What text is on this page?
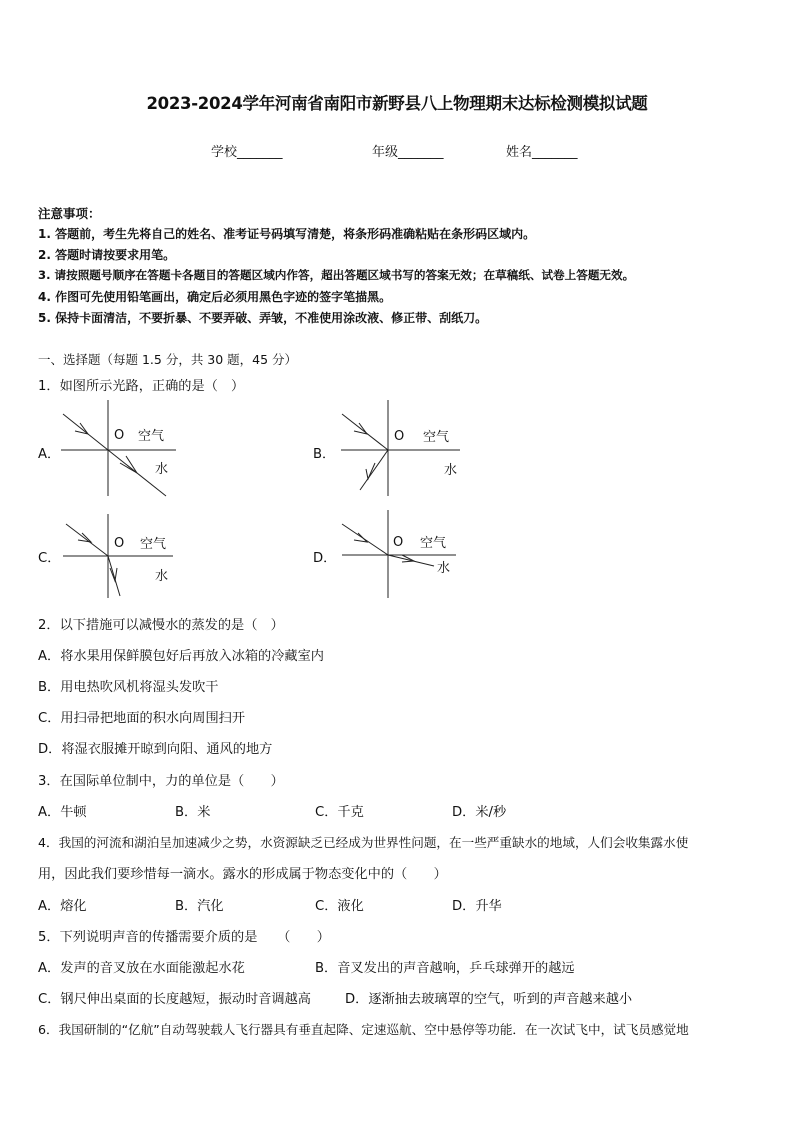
2023-2024学年河南省南阳市新野县八上物理期末达标检测模拟试题
学校_______	年级_______	姓名_______
注意事项：
1. 答题前，考生先将自己的姓名、准考证号码填写清楚，将条形码准确粘贴在条形码区域内。
2. 答题时请按要求用笔。
3. 请按照题号顺序在答题卡各题目的答题区域内作答，超出答题区域书写的答案无效；在草稿纸、试卷上答题无效。
4. 作图可先使用铅笔画出，确定后必须用黑色字迹的签字笔描黑。
5. 保持卡面清洁，不要折暴、不要弄破、弄皱，不准使用涂改液、修正带、刮纸刀。
一、选择题（每题 1.5 分，共 30 题，45 分）
1．如图所示光路，正确的是（　）
A．
O 空气
水
B．
O 空气
水
C．
O 空气
水
D．
O 空气
水
2．以下措施可以减慢水的蒸发的是（　）
A．将水果用保鲜膜包好后再放入冰箱的冷藏室内
B．用电热吹风机将湿头发吹干
C．用扫帚把地面的积水向周围扫开
D．将湿衣服摊开晾到向阳、通风的地方
3．在国际单位制中，力的单位是（　　）
A．牛顿	B．米	C．千克	D．米/秒
4．我国的河流和湖泊呈加速减少之势，水资源缺乏已经成为世界性问题，在一些严重缺水的地域，人们会收集露水使
用，因此我们要珍惜每一滴水。露水的形成属于物态变化中的（　　）
A．熔化	B．汽化	C．液化	D．升华
5．下列说明声音的传播需要介质的是　　（　　）
A．发声的音叉放在水面能激起水花	B．音叉发出的声音越响，乒乓球弹开的越远
C．钢尺伸出桌面的长度越短，振动时音调越高	D．逐渐抽去玻璃罩的空气，听到的声音越来越小
6．我国研制的“亿航”自动驾驶载人飞行器具有垂直起降、定速巡航、空中悬停等功能．在一次试飞中，试飞员感觉地
